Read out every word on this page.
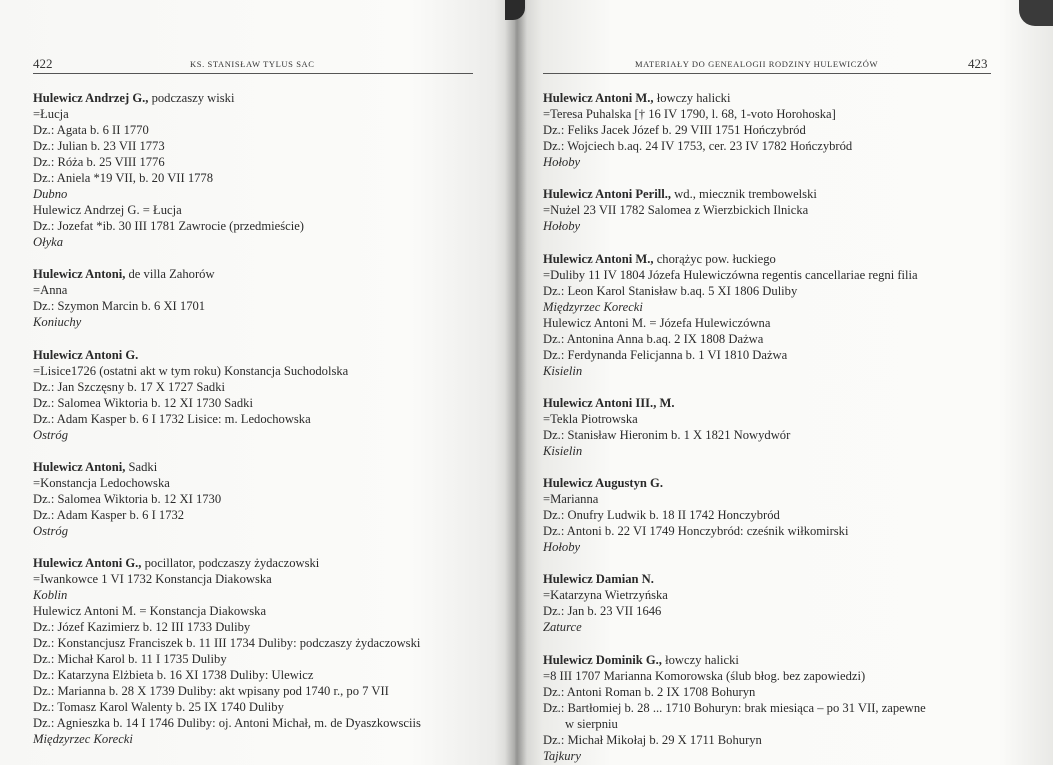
422	KS. STANISŁAW TYLUS SAC
Hulewicz Andrzej G., podczaszy wiski
=Łucja
Dz.: Agata b. 6 II 1770
Dz.: Julian b. 23 VII 1773
Dz.: Róża b. 25 VIII 1776
Dz.: Aniela *19 VII, b. 20 VII 1778
Dubno
Hulewicz Andrzej G. = Łucja
Dz.: Jozefat *ib. 30 III 1781 Zawrocie (przedmieście)
Ołyka
Hulewicz Antoni, de villa Zahorów
=Anna
Dz.: Szymon Marcin b. 6 XI 1701
Koniuchy
Hulewicz Antoni G.
=Lisice1726 (ostatni akt w tym roku) Konstancja Suchodolska
Dz.: Jan Szczęsny b. 17 X 1727 Sadki
Dz.: Salomea Wiktoria b. 12 XI 1730 Sadki
Dz.: Adam Kasper b. 6 I 1732 Lisice: m. Ledochowska
Ostróg
Hulewicz Antoni, Sadki
=Konstancja Ledochowska
Dz.: Salomea Wiktoria b. 12 XI 1730
Dz.: Adam Kasper b. 6 I 1732
Ostróg
Hulewicz Antoni G., pocillator, podczaszy żydaczowski
=Iwankowce 1 VI 1732 Konstancja Diakowska
Koblin
Hulewicz Antoni M. = Konstancja Diakowska
Dz.: Józef Kazimierz b. 12 III 1733 Duliby
Dz.: Konstancjusz Franciszek b. 11 III 1734 Duliby: podczaszy żydaczowski
Dz.: Michał Karol b. 11 I 1735 Duliby
Dz.: Katarzyna Elżbieta b. 16 XI 1738 Duliby: Ulewicz
Dz.: Marianna b. 28 X 1739 Duliby: akt wpisany pod 1740 r., po 7 VII
Dz.: Tomasz Karol Walenty b. 25 IX 1740 Duliby
Dz.: Agnieszka b. 14 I 1746 Duliby: oj. Antoni Michał, m. de Dyaszkowsciis
Międzyrzec Korecki
MATERIAŁY DO GENEALOGII RODZINY HULEWICZÓW	423
Hulewicz Antoni M., łowczy halicki
=Teresa Puhalska [† 16 IV 1790, l. 68, 1-voto Horohoska]
Dz.: Feliks Jacek Józef b. 29 VIII 1751 Hończybród
Dz.: Wojciech b.aq. 24 IV 1753, cer. 23 IV 1782 Hończybród
Hołoby
Hulewicz Antoni Perill., wd., miecznik trembowelski
=Nużel 23 VII 1782 Salomea z Wierzbickich Ilnicka
Hołoby
Hulewicz Antoni M., chorążyc pow. łuckiego
=Duliby 11 IV 1804 Józefa Hulewiczówna regentis cancellariae regni filia
Dz.: Leon Karol Stanisław b.aq. 5 XI 1806 Duliby
Międzyrzec Korecki
Hulewicz Antoni M. = Józefa Hulewiczówna
Dz.: Antonina Anna b.aq. 2 IX 1808 Dażwa
Dz.: Ferdynanda Felicjanna b. 1 VI 1810 Dażwa
Kisielin
Hulewicz Antoni III., M.
=Tekla Piotrowska
Dz.: Stanisław Hieronim b. 1 X 1821 Nowydwór
Kisielin
Hulewicz Augustyn G.
=Marianna
Dz.: Onufry Ludwik b. 18 II 1742 Honczybród
Dz.: Antoni b. 22 VI 1749 Honczybród: cześnik wiłkomirski
Hołoby
Hulewicz Damian N.
=Katarzyna Wietrzyńska
Dz.: Jan b. 23 VII 1646
Zaturce
Hulewicz Dominik G., łowczy halicki
=8 III 1707 Marianna Komorowska (ślub błog. bez zapowiedzi)
Dz.: Antoni Roman b. 2 IX 1708 Bohuryn
Dz.: Bartłomiej b. 28 ... 1710 Bohuryn: brak miesiąca – po 31 VII, zapewne
w sierpniu
Dz.: Michał Mikołaj b. 29 X 1711 Bohuryn
Tajkury
